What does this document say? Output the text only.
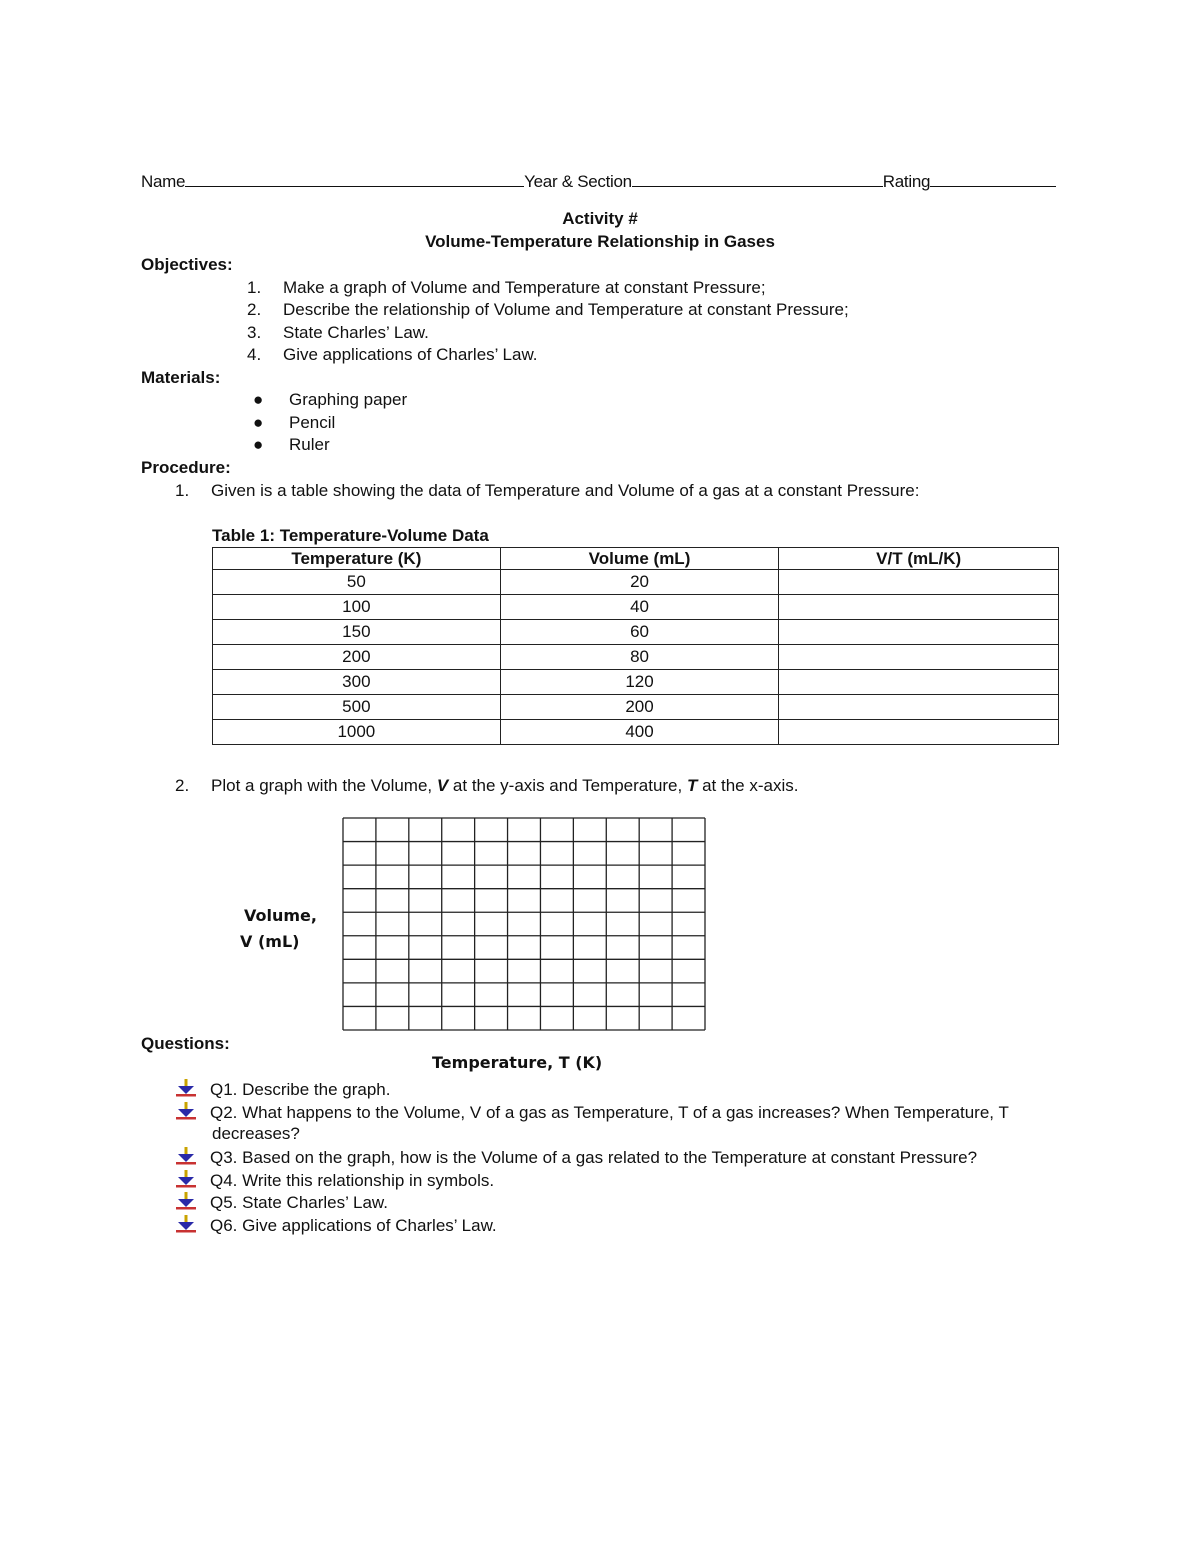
Name	Year & Section	Rating
Activity #
Volume-Temperature Relationship in Gases
Objectives:
1. Make a graph of Volume and Temperature at constant Pressure;
2. Describe the relationship of Volume and Temperature at constant Pressure;
3. State Charles’ Law.
4. Give applications of Charles’ Law.
Materials:
● Graphing paper
● Pencil
● Ruler
Procedure:
1. Given is a table showing the data of Temperature and Volume of a gas at a constant Pressure:
Table 1: Temperature-Volume Data
Temperature (K)	Volume (mL)	V/T (mL/K)
50	20	
100	40	
150	60	
200	80	
300	120	
500	200	
1000	400	
2. Plot a graph with the Volume, V at the y-axis and Temperature, T at the x-axis.
Volume,
V (mL)
Temperature, T (K)
Questions:
Q1. Describe the graph.
Q2. What happens to the Volume, V of a gas as Temperature, T of a gas increases? When Temperature, T
decreases?
Q3. Based on the graph, how is the Volume of a gas related to the Temperature at constant Pressure?
Q4. Write this relationship in symbols.
Q5. State Charles’ Law.
Q6. Give applications of Charles’ Law.
